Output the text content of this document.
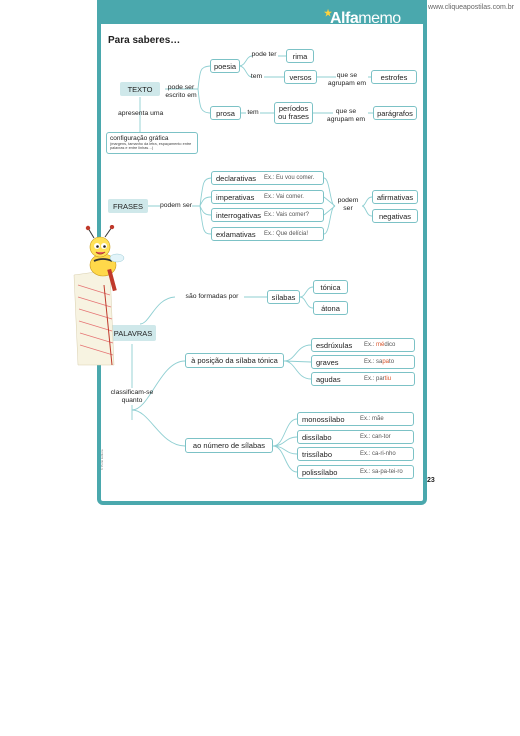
www.cliqueapostilas.com.br
★
Alfamemo
Para saberes…
TEXTO	pode ser
escrito em
apresenta uma
configuração gráfica
(margens, tamanho da letra, espaçamento entre palavras e entre linhas…)
poesia
pode ter	rima
tem	versos	que se
agrupam em
estrofes
prosa	tem	períodos
ou frases
que se
agrupam em
parágrafos
FRASES	podem ser
declarativas Ex.: Eu vou comer.
imperativas Ex.: Vai comer.
interrogativas Ex.: Vais comer?
exlamativas Ex.: Que delícia!
podem
ser
afirmativas
negativas
PALAVRAS
são formadas por	sílabas
tónica
átona
classificam-se
quanto
à posição da sílaba tónica
esdrúxulas Ex.: médico
graves	Ex.: sapato
agudas	Ex.: partiu
ao número de sílabas
monossílabo	Ex.: mãe
dissílabo	Ex.: can-tor
trissílabo	Ex.: ca-ri-nho
polissílabo	Ex.: sa-pa-tei-ro
© Porto Editora
23
